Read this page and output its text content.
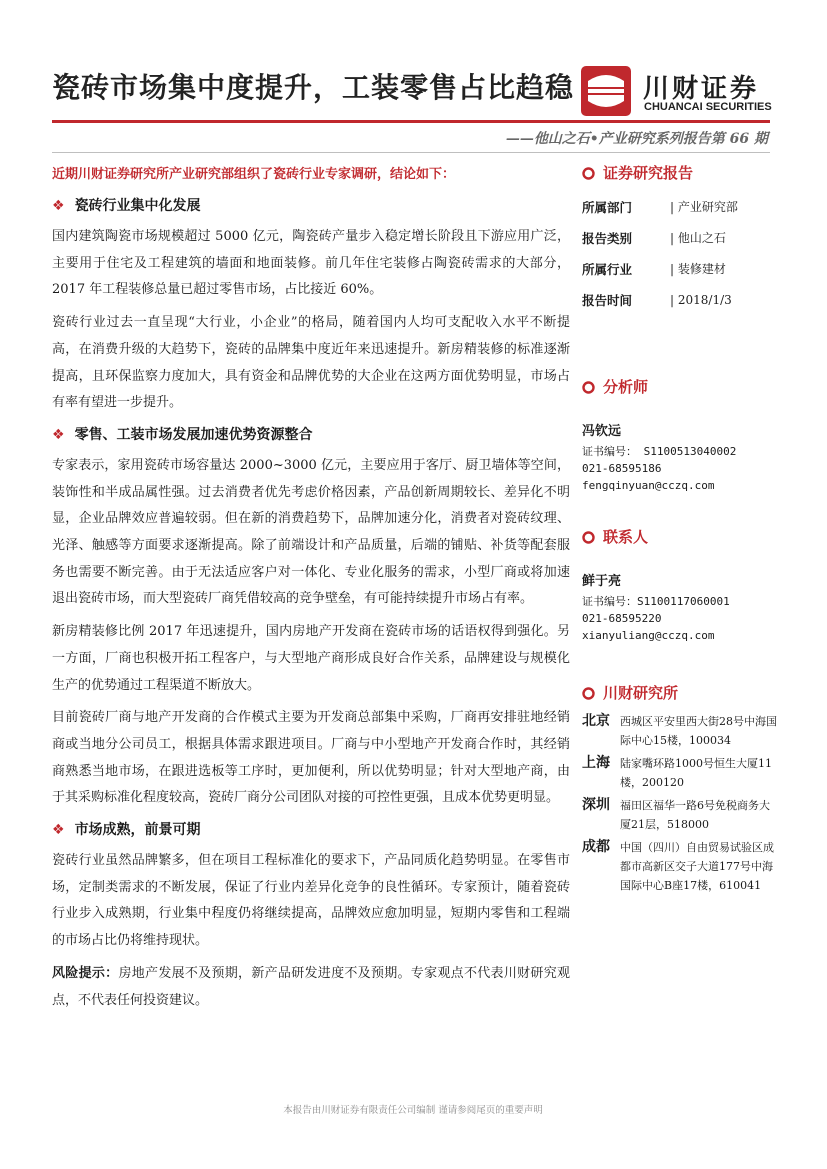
瓷砖市场集中度提升，工装零售占比趋稳	川财证券
CHUANCAI SECURITIES
——他山之石•产业研究系列报告第 66 期
近期川财证券研究所产业研究部组织了瓷砖行业专家调研，结论如下：
❖ 瓷砖行业集中化发展

国内建筑陶瓷市场规模超过 5000 亿元，陶瓷砖产量步入稳定增长阶段且下游应用广泛，主要用于住宅及工程建筑的墙面和地面装修。前几年住宅装修占陶瓷砖需求的大部分，2017 年工程装修总量已超过零售市场，占比接近 60%。

瓷砖行业过去一直呈现“大行业，小企业”的格局，随着国内人均可支配收入水平不断提高，在消费升级的大趋势下，瓷砖的品牌集中度近年来迅速提升。新房精装修的标准逐渐提高，且环保监察力度加大，具有资金和品牌优势的大企业在这两方面优势明显，市场占有率有望进一步提升。

❖ 零售、工装市场发展加速优势资源整合

专家表示，家用瓷砖市场容量达 2000~3000 亿元，主要应用于客厅、厨卫墙体等空间，装饰性和半成品属性强。过去消费者优先考虑价格因素，产品创新周期较长、差异化不明显，企业品牌效应普遍较弱。但在新的消费趋势下，品牌加速分化，消费者对瓷砖纹理、光泽、触感等方面要求逐渐提高。除了前端设计和产品质量，后端的铺贴、补货等配套服务也需要不断完善。由于无法适应客户对一体化、专业化服务的需求，小型厂商或将加速退出瓷砖市场，而大型瓷砖厂商凭借较高的竞争壁垒，有可能持续提升市场占有率。

新房精装修比例 2017 年迅速提升，国内房地产开发商在瓷砖市场的话语权得到强化。另一方面，厂商也积极开拓工程客户，与大型地产商形成良好合作关系，品牌建设与规模化生产的优势通过工程渠道不断放大。

目前瓷砖厂商与地产开发商的合作模式主要为开发商总部集中采购，厂商再安排驻地经销商或当地分公司员工，根据具体需求跟进项目。厂商与中小型地产开发商合作时，其经销商熟悉当地市场，在跟进选板等工序时，更加便利，所以优势明显；针对大型地产商，由于其采购标准化程度较高，瓷砖厂商分公司团队对接的可控性更强，且成本优势更明显。

❖ 市场成熟，前景可期

瓷砖行业虽然品牌繁多，但在项目工程标准化的要求下，产品同质化趋势明显。在零售市场，定制类需求的不断发展，保证了行业内差异化竞争的良性循环。专家预计，随着瓷砖行业步入成熟期，行业集中程度仍将继续提高，品牌效应愈加明显，短期内零售和工程端的市场占比仍将维持现状。

风险提示：房地产发展不及预期，新产品研发进度不及预期。专家观点不代表川财研究观点，不代表任何投资建议。

证券研究报告
所属部门	| 产业研究部
报告类别	| 他山之石
所属行业	| 装修建材
报告时间	| 2018/1/3
分析师
冯钦远
证书编号： S1100513040002
021-68595186
fengqinyuan@cczq.com
联系人
鲜于亮
证书编号：S1100117060001
021-68595220
xianyuliang@cczq.com
川财研究所
北京 西城区平安里西大街28号中海国际中心15楼，100034
上海 陆家嘴环路1000号恒生大厦11楼，200120
深圳 福田区福华一路6号免税商务大厦21层，518000
成都 中国（四川）自由贸易试验区成都市高新区交子大道177号中海国际中心B座17楼，610041
本报告由川财证券有限责任公司编制 谨请参阅尾页的重要声明
